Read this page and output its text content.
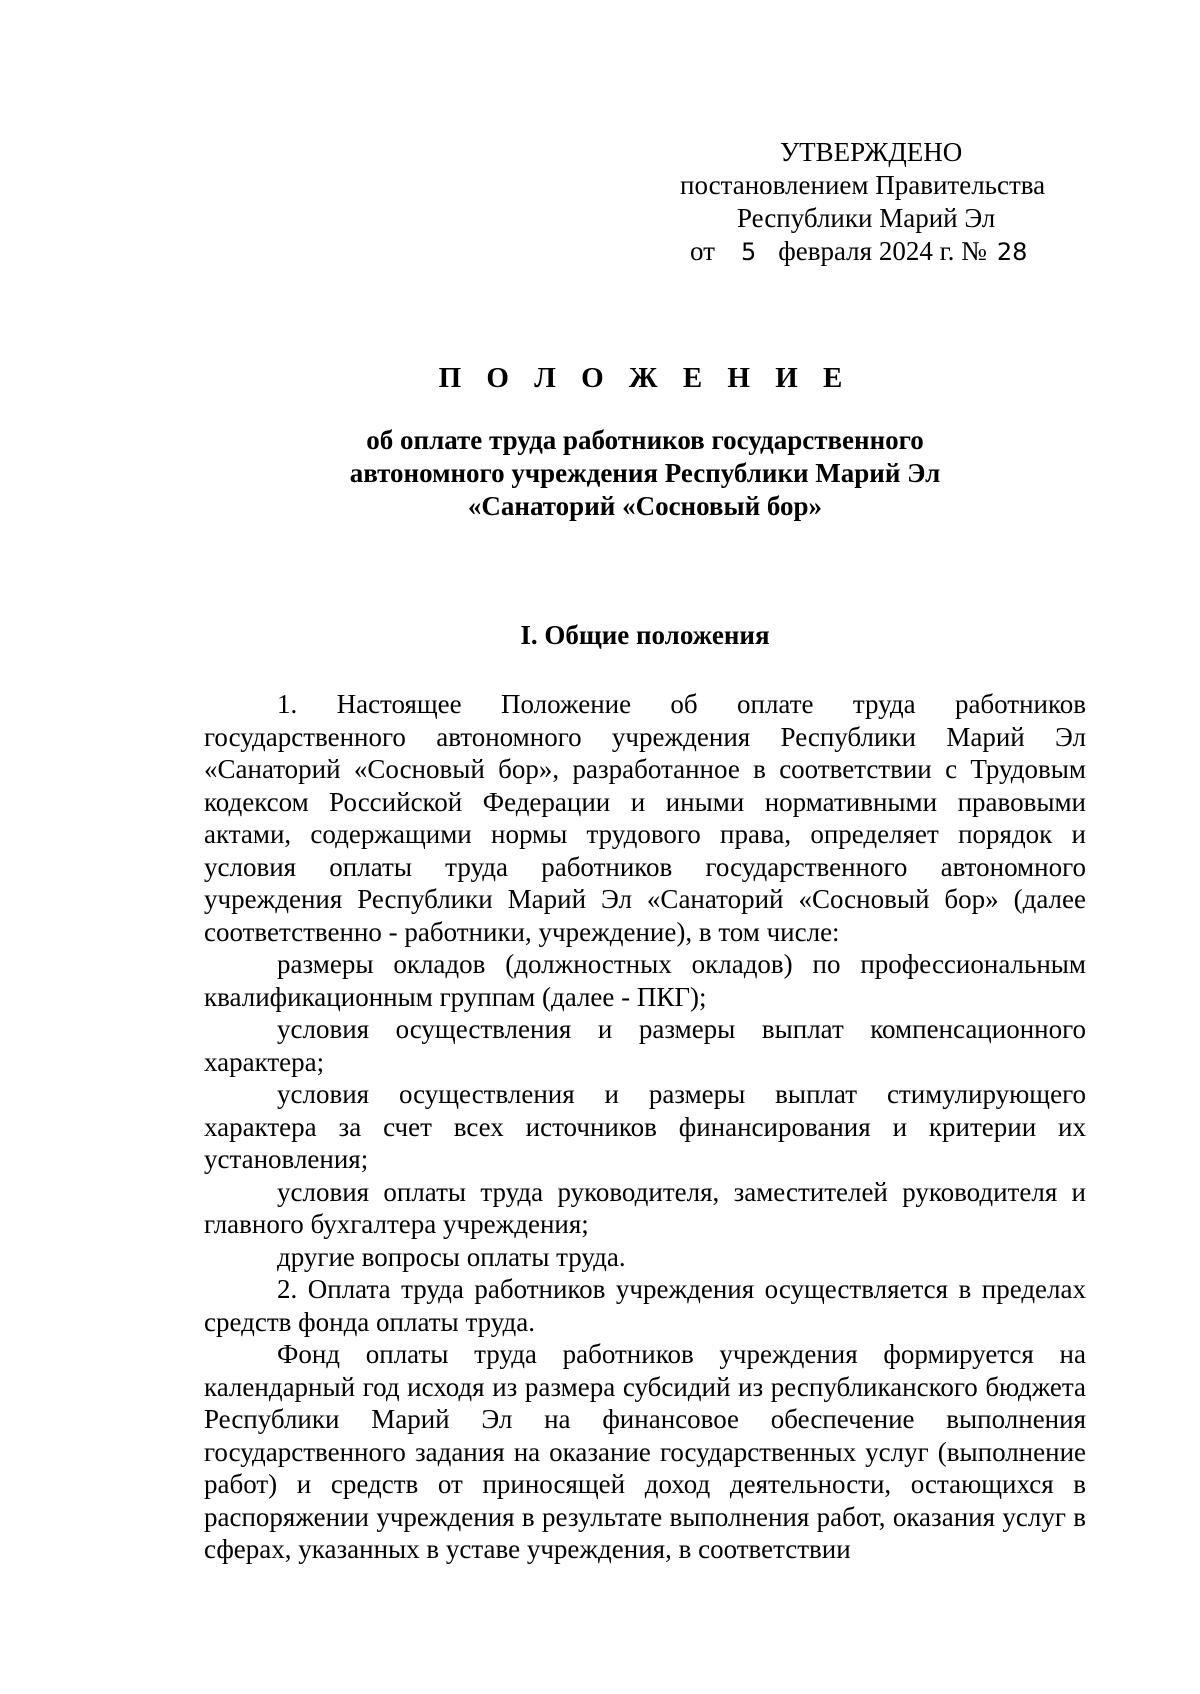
УТВЕРЖДЕНО
постановлением Правительства
Республики Марий Эл
от 5 февраля 2024 г. № 28
П О Л О Ж Е Н И Е
об оплате труда работников государственного
автономного учреждения Республики Марий Эл
«Санаторий «Сосновый бор»
I. Общие положения

1. Настоящее Положение об оплате труда работников государственного автономного учреждения Республики Марий Эл «Санаторий «Сосновый бор», разработанное в соответствии с Трудовым кодексом Российской Федерации и иными нормативными правовыми актами, содержащими нормы трудового права, определяет порядок и условия оплаты труда работников государственного автономного учреждения Республики Марий Эл «Санаторий «Сосновый бор» (далее соответственно - работники, учреждение), в том числе:

размеры окладов (должностных окладов) по профессиональным квалификационным группам (далее - ПКГ);

условия осуществления и размеры выплат компенсационного характера;

условия осуществления и размеры выплат стимулирующего характера за счет всех источников финансирования и критерии их установления;

условия оплаты труда руководителя, заместителей руководителя и главного бухгалтера учреждения;

другие вопросы оплаты труда.

2. Оплата труда работников учреждения осуществляется в пределах средств фонда оплаты труда.

Фонд оплаты труда работников учреждения формируется на календарный год исходя из размера субсидий из республиканского бюджета Республики Марий Эл на финансовое обеспечение выполнения государственного задания на оказание государственных услуг (выполнение работ) и средств от приносящей доход деятельности, остающихся в распоряжении учреждения в результате выполнения работ, оказания услуг в сферах, указанных в уставе учреждения, в соответствии
